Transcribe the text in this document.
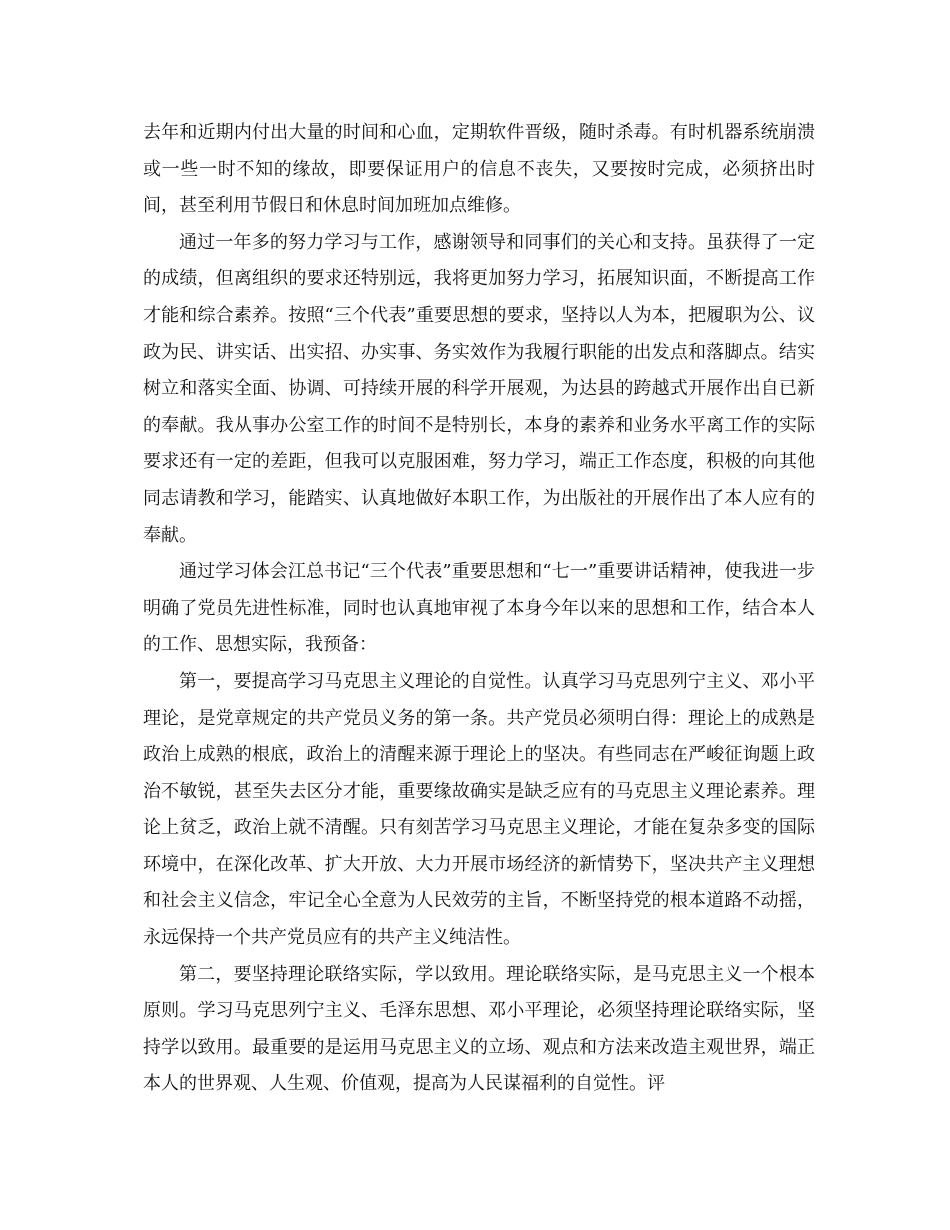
去年和近期内付出大量的时间和心血，定期软件晋级，随时杀毒。有时机器系统崩溃或一些一时不知的缘故，即要保证用户的信息不丧失，又要按时完成，必须挤出时间，甚至利用节假日和休息时间加班加点维修。

通过一年多的努力学习与工作，感谢领导和同事们的关心和支持。虽获得了一定的成绩，但离组织的要求还特别远，我将更加努力学习，拓展知识面，不断提高工作才能和综合素养。按照“三个代表”重要思想的要求，坚持以人为本，把履职为公、议政为民、讲实话、出实招、办实事、务实效作为我履行职能的出发点和落脚点。结实树立和落实全面、协调、可持续开展的科学开展观，为达县的跨越式开展作出自已新的奉献。我从事办公室工作的时间不是特别长，本身的素养和业务水平离工作的实际要求还有一定的差距，但我可以克服困难，努力学习，端正工作态度，积极的向其他同志请教和学习，能踏实、认真地做好本职工作，为出版社的开展作出了本人应有的奉献。

通过学习体会江总书记“三个代表”重要思想和“七一”重要讲话精神，使我进一步明确了党员先进性标准，同时也认真地审视了本身今年以来的思想和工作，结合本人的工作、思想实际，我预备：

第一，要提高学习马克思主义理论的自觉性。认真学习马克思列宁主义、邓小平理论，是党章规定的共产党员义务的第一条。共产党员必须明白得：理论上的成熟是政治上成熟的根底，政治上的清醒来源于理论上的坚决。有些同志在严峻征询题上政治不敏锐，甚至失去区分才能，重要缘故确实是缺乏应有的马克思主义理论素养。理论上贫乏，政治上就不清醒。只有刻苦学习马克思主义理论，才能在复杂多变的国际环境中，在深化改革、扩大开放、大力开展市场经济的新情势下，坚决共产主义理想和社会主义信念，牢记全心全意为人民效劳的主旨，不断坚持党的根本道路不动摇，永远保持一个共产党员应有的共产主义纯洁性。

第二，要坚持理论联络实际，学以致用。理论联络实际，是马克思主义一个根本原则。学习马克思列宁主义、毛泽东思想、邓小平理论，必须坚持理论联络实际，坚持学以致用。最重要的是运用马克思主义的立场、观点和方法来改造主观世界，端正本人的世界观、人生观、价值观，提高为人民谋福利的自觉性。评
